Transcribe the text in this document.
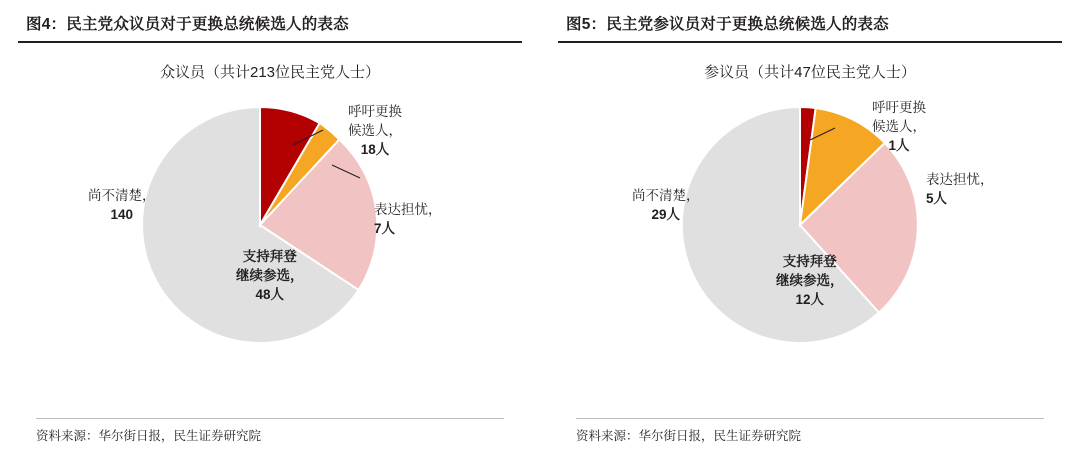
图4：民主党众议员对于更换总统候选人的表态
众议员（共计213位民主党人士）
呼吁更换
候选人，
18人
表达担忧，
7人
支持拜登
继续参选，
48人
尚不清楚，
140
资料来源：华尔街日报，民生证券研究院
图5：民主党参议员对于更换总统候选人的表态
参议员（共计47位民主党人士）
呼吁更换
候选人，
1人
表达担忧，
5人
支持拜登
继续参选，
12人
尚不清楚，
29人
资料来源：华尔街日报，民生证券研究院
